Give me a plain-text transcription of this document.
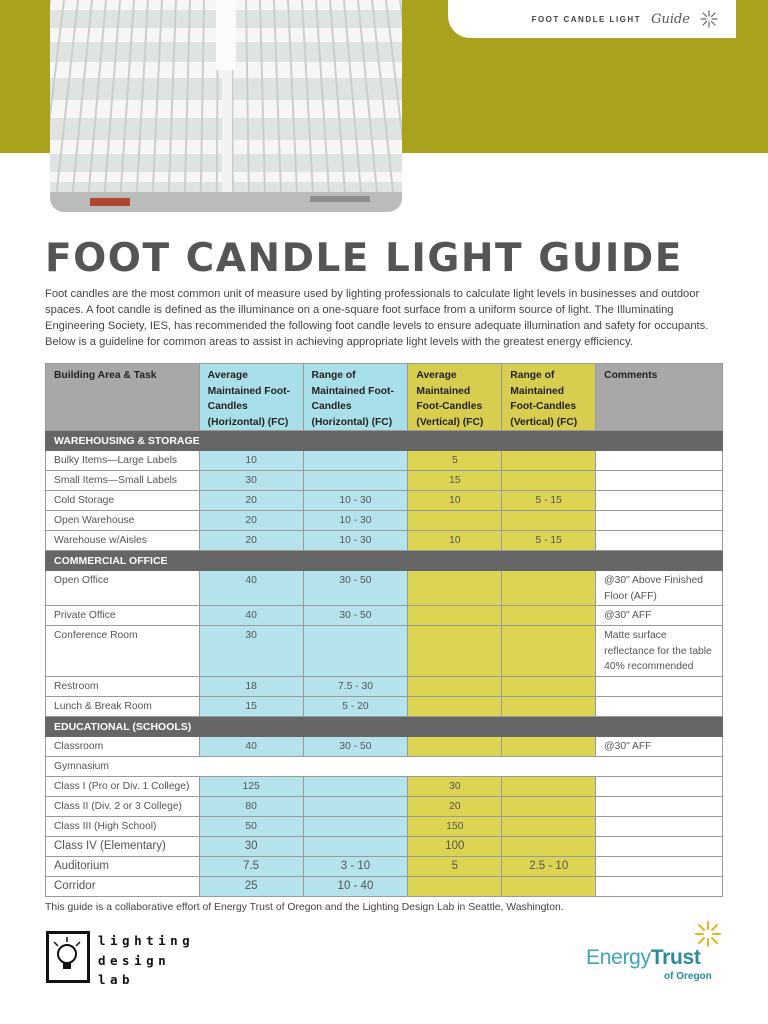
FOOT CANDLE LIGHT Guide
FOOT CANDLE LIGHT GUIDE
Foot candles are the most common unit of measure used by lighting professionals to calculate light levels in businesses and outdoor spaces. A foot candle is defined as the illuminance on a one-square foot surface from a uniform source of light. The Illuminating Engineering Society, IES, has recommended the following foot candle levels to ensure adequate illumination and safety for occupants. Below is a guideline for common areas to assist in achieving appropriate light levels with the greatest energy efficiency.
Building Area & Task	Average Maintained Foot-Candles (Horizontal) (FC)	Range of Maintained Foot-Candles (Horizontal) (FC)	Average Maintained Foot-Candles (Vertical) (FC)	Range of Maintained Foot-Candles (Vertical) (FC)	Comments
WAREHOUSING & STORAGE					
Bulky Items—Large Labels	10		5		
Small Items—Small Labels	30		15		
Cold Storage	20	10 - 30	10	5 - 15	
Open Warehouse	20	10 - 30			
Warehouse w/Aisles	20	10 - 30	10	5 - 15	
COMMERCIAL OFFICE					
Open Office	40	30 - 50			@30" Above Finished Floor (AFF)
Private Office	40	30 - 50			@30" AFF
Conference Room	30				Matte surface reflectance for the table 40% recommended
Restroom	18	7.5 - 30			
Lunch & Break Room	15	5 - 20			
EDUCATIONAL (SCHOOLS)					
Classroom	40	30 - 50			@30" AFF
Gymnasium					
Class I (Pro or Div. 1 College)	125		30		
Class II (Div. 2 or 3 College)	80		20		
Class III (High School)	50		150		
Class IV (Elementary)	30		100		
Auditorium	7.5	3 - 10	5	2.5 - 10	
Corridor	25	10 - 40			
This guide is a collaborative effort of Energy Trust of Oregon and the Lighting Design Lab in Seattle, Washington.
lighting
design
lab
EnergyTrust
of Oregon
